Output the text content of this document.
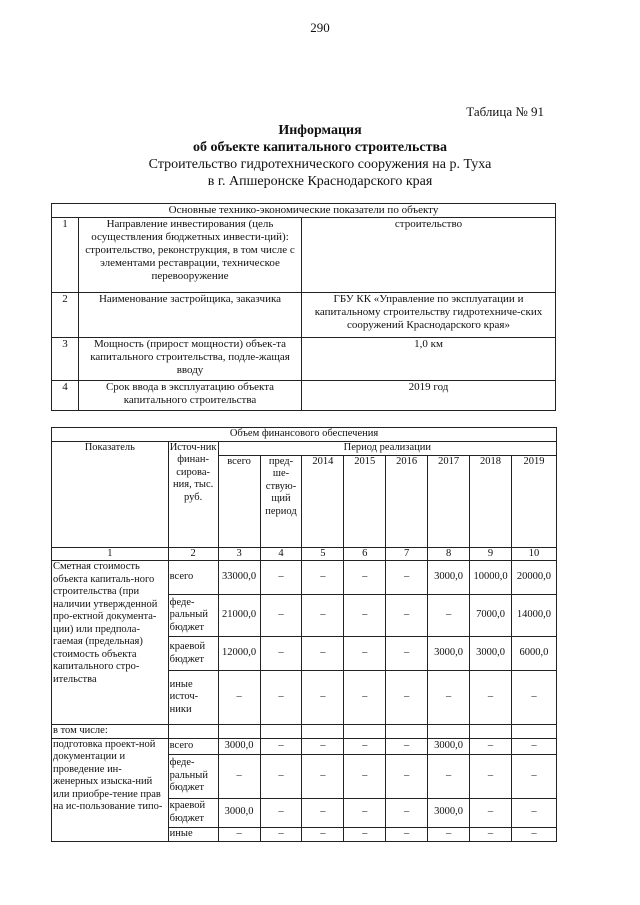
290
Таблица № 91
Информация
об объекте капитального строительства
Строительство гидротехнического сооружения на р. Туха
в г. Апшеронске Краснодарского края
Основные технико-экономические показатели по объекту		
1	Направление инвестирования (цель осуществления бюджетных инвести-ций): строительство, реконструкция, в том числе с элементами реставрации, техническое перевооружение	строительство
2	Наименование застройщика, заказчика	ГБУ КК «Управление по эксплуатации и капитальному строительству гидротехниче-ских сооружений Краснодарского края»
3	Мощность (прирост мощности) объек-та капитального строительства, подле-жащая вводу	1,0 км
4	Срок ввода в эксплуатацию объекта капитального строительства	2019 год
Объем финансового обеспечения									
Показатель	Источ-ник финан-сирова-ния, тыс. руб.	Период реализации							
		всего	пред-ше-ствую-щий период	2014	2015	2016	2017	2018	2019
1	2	3	4	5	6	7	8	9	10
Сметная стоимость объекта капиталь-ного строительства (при наличии утвержденной про-ектной документа-ции) или предпола-гаемая (предельная) стоимость объекта капитального стро-ительства	всего	33000,0	–	–	–	–	3000,0	10000,0	20000,0
	феде-ральный бюджет	21000,0	–	–	–	–	–	7000,0	14000,0
	краевой бюджет	12000,0	–	–	–	–	3000,0	3000,0	6000,0
	иные источ-ники	–	–	–	–	–	–	–	–
в том числе:									
подготовка проект-ной документации и проведение ин-женерных изыска-ний или приобре-тение прав на ис-пользование типо-	всего	3000,0	–	–	–	–	3000,0	–	–
	феде-ральный бюджет	–	–	–	–	–	–	–	–
	краевой бюджет	3000,0	–	–	–	–	3000,0	–	–
	иные	–	–	–	–	–	–	–	–
